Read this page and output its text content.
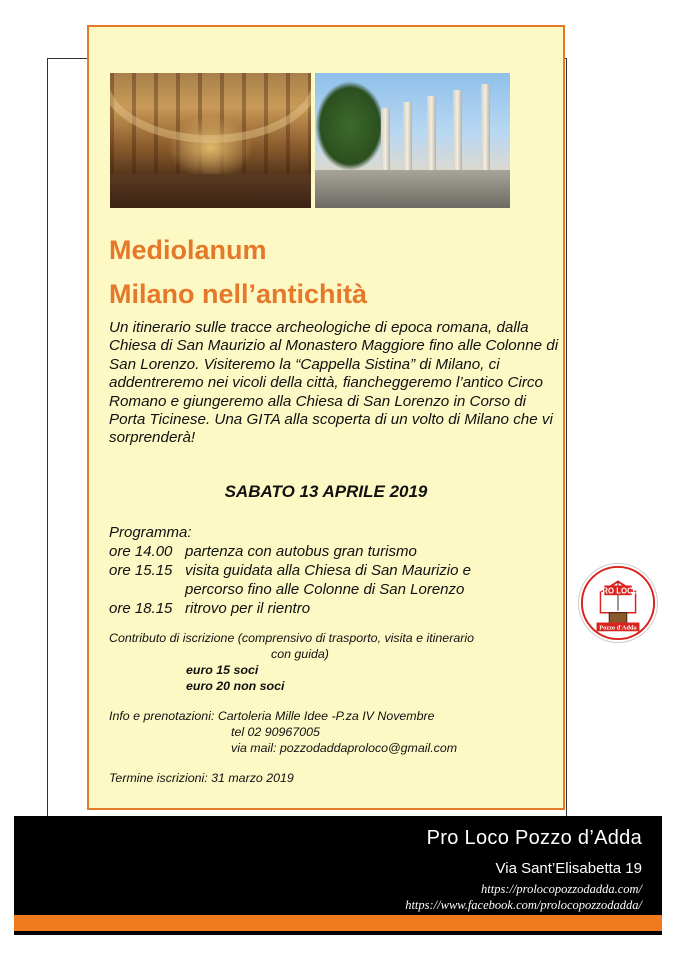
Mediolanum
Milano nell’antichità

Un itinerario sulle tracce archeologiche di epoca romana, dalla Chiesa di San Maurizio al Monastero Maggiore fino alle Colonne di San Lorenzo. Visiteremo la “Cappella Sistina” di Milano, ci addentreremo nei vicoli della città, fiancheggeremo l’antico Circo Romano e giungeremo alla Chiesa di San Lorenzo in Corso di Porta Ticinese. Una GITA alla scoperta di un volto di Milano che vi sorprenderà!

SABATO 13 APRILE 2019

Programma:

ore 14.00 partenza con autobus gran turismo
ore 15.15 visita guidata alla Chiesa di San Maurizio e
percorso fino alle Colonne di San Lorenzo
ore 18.15 ritrovo per il rientro

Contributo di iscrizione (comprensivo di trasporto, visita e itinerario

con guida)

euro 15 soci

euro 20 non soci

Info e prenotazioni: Cartoleria Mille Idee -P.za IV Novembre

tel 02 90967005

via mail: pozzodaddaproloco@gmail.com

Termine iscrizioni: 31 marzo 2019

PRO LOCO
Pozzo d'Adda
Pro Loco Pozzo d’Adda
Via Sant’Elisabetta 19
https://prolocopozzodadda.com/
https://www.facebook.com/prolocopozzodadda/
